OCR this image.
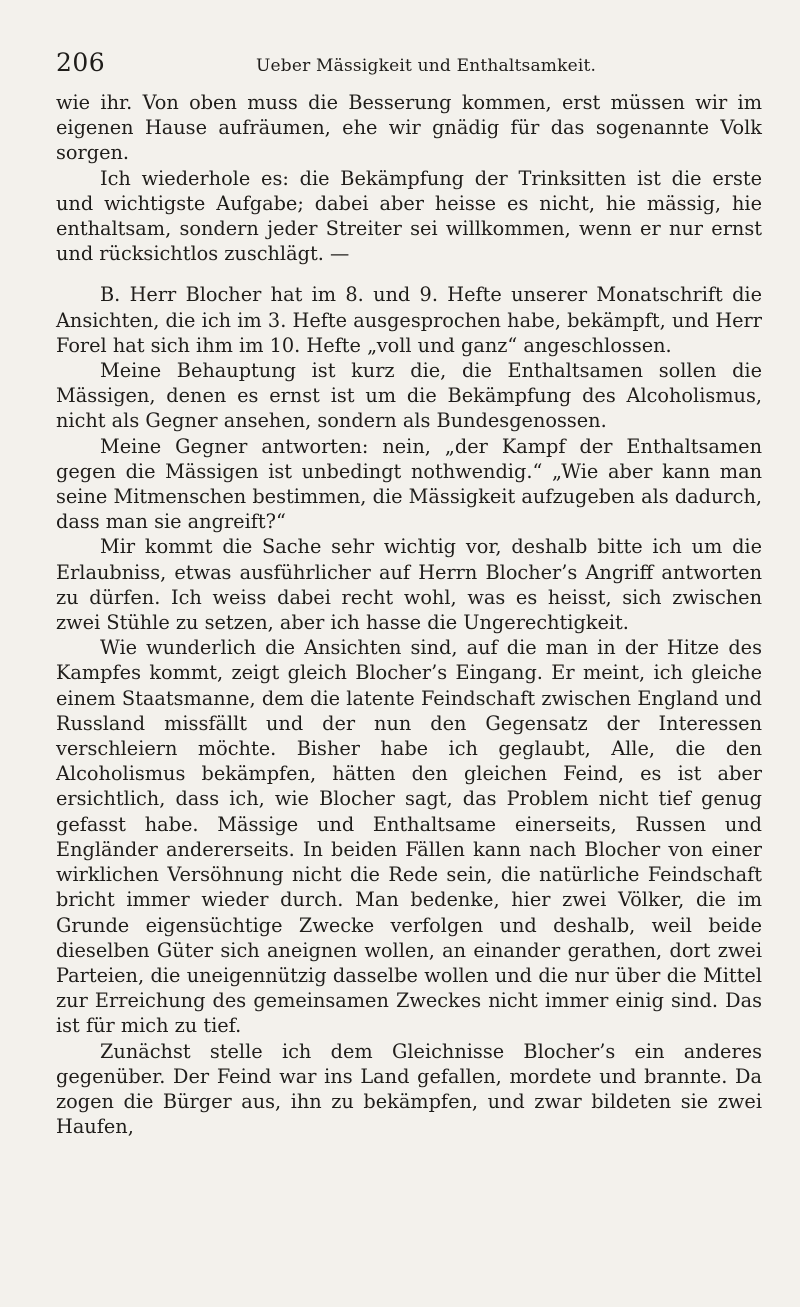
206	Ueber Mässigkeit und Enthaltsamkeit.

wie ihr. Von oben muss die Besserung kommen, erst müssen wir im eigenen Hause aufräumen, ehe wir gnädig für das sogenannte Volk sorgen.

Ich wiederhole es: die Bekämpfung der Trinksitten ist die erste und wichtigste Aufgabe; dabei aber heisse es nicht, hie mässig, hie enthaltsam, sondern jeder Streiter sei willkommen, wenn er nur ernst und rücksichtlos zuschlägt. —

B. Herr Blocher hat im 8. und 9. Hefte unserer Monatschrift die Ansichten, die ich im 3. Hefte ausgesprochen habe, bekämpft, und Herr Forel hat sich ihm im 10. Hefte „voll und ganz“ angeschlossen.

Meine Behauptung ist kurz die, die Enthaltsamen sollen die Mässigen, denen es ernst ist um die Bekämpfung des Alcoholismus, nicht als Gegner ansehen, sondern als Bundesgenossen.

Meine Gegner antworten: nein, „der Kampf der Enthaltsamen gegen die Mässigen ist unbedingt nothwendig.“ „Wie aber kann man seine Mitmenschen bestimmen, die Mässigkeit aufzugeben als dadurch, dass man sie angreift?“

Mir kommt die Sache sehr wichtig vor, deshalb bitte ich um die Erlaubniss, etwas ausführlicher auf Herrn Blocher’s Angriff antworten zu dürfen. Ich weiss dabei recht wohl, was es heisst, sich zwischen zwei Stühle zu setzen, aber ich hasse die Ungerechtigkeit.

Wie wunderlich die Ansichten sind, auf die man in der Hitze des Kampfes kommt, zeigt gleich Blocher’s Eingang. Er meint, ich gleiche einem Staatsmanne, dem die latente Feindschaft zwischen England und Russland missfällt und der nun den Gegensatz der Interessen verschleiern möchte. Bisher habe ich geglaubt, Alle, die den Alcoholismus bekämpfen, hätten den gleichen Feind, es ist aber ersichtlich, dass ich, wie Blocher sagt, das Problem nicht tief genug gefasst habe. Mässige und Enthaltsame einerseits, Russen und Engländer andererseits. In beiden Fällen kann nach Blocher von einer wirklichen Versöhnung nicht die Rede sein, die natürliche Feindschaft bricht immer wieder durch. Man bedenke, hier zwei Völker, die im Grunde eigensüchtige Zwecke verfolgen und deshalb, weil beide dieselben Güter sich aneignen wollen, an einander gerathen, dort zwei Parteien, die uneigennützig dasselbe wollen und die nur über die Mittel zur Erreichung des gemeinsamen Zweckes nicht immer einig sind. Das ist für mich zu tief.

Zunächst stelle ich dem Gleichnisse Blocher’s ein anderes gegenüber. Der Feind war ins Land gefallen, mordete und brannte. Da zogen die Bürger aus, ihn zu bekämpfen, und zwar bildeten sie zwei Haufen,
